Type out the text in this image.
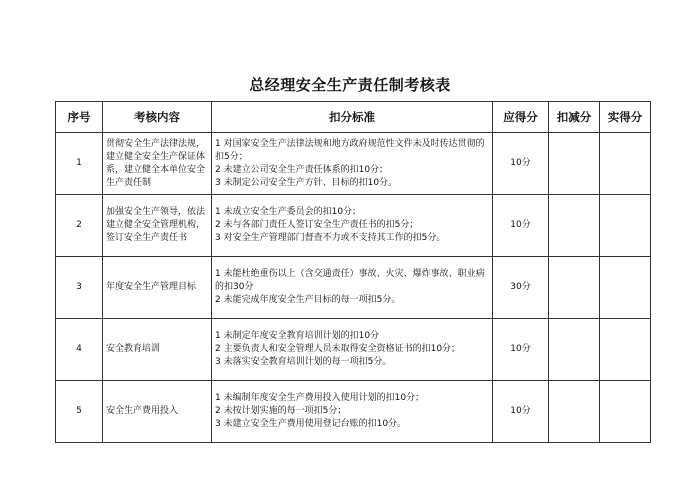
总经理安全生产责任制考核表
序号	考核内容	扣分标准	应得分	扣减分	实得分
1	贯彻安全生产法律法规，建立健全安全生产保证体系，建立健全本单位安全生产责任制	1 对国家安全生产法律法规和地方政府规范性文件未及时传达贯彻的扣5分；
2 未建立公司安全生产责任体系的扣10分；
3 未制定公司安全生产方针、目标的扣10分。	10分		
2	加强安全生产领导，依法建立健全安全管理机构，签订安全生产责任书	1 未成立安全生产委员会的扣10分；
2 未与各部门责任人签订安全生产责任书的扣5分；
3 对安全生产管理部门督查不力或不支持其工作的扣5分。	10分		
3	年度安全生产管理目标	1 未能杜绝重伤以上（含交通责任）事故、火灾、爆炸事故、职业病的扣30分
2 未能完成年度安全生产目标的每一项扣5分。	30分		
4	安全教育培训	1 未制定年度安全教育培训计划的扣10分
2 主要负责人和安全管理人员未取得安全资格证书的扣10分；
3 未落实安全教育培训计划的每一项扣5分。	10分		
5	安全生产费用投入	1 未编制年度安全生产费用投入使用计划的扣10分；
2 未按计划实施的每一项扣5分；
3 未建立安全生产费用使用登记台账的扣10分。	10分		
